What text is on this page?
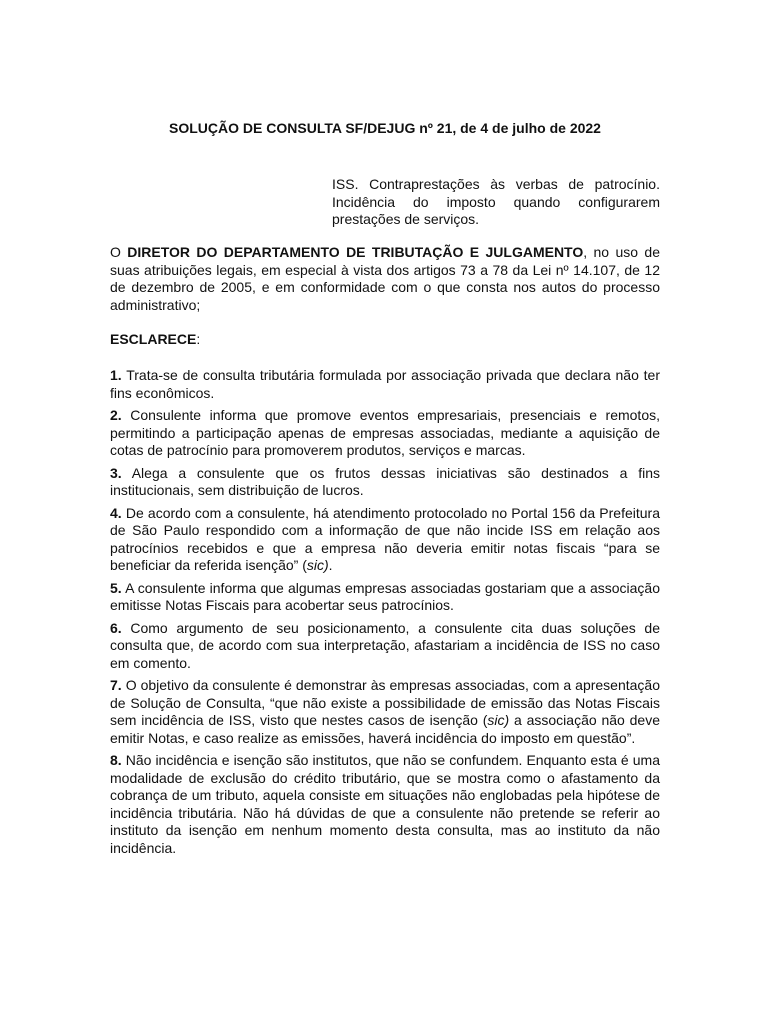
SOLUÇÃO DE CONSULTA SF/DEJUG nº 21, de 4 de julho de 2022
ISS. Contraprestações às verbas de patrocínio. Incidência do imposto quando configurarem prestações de serviços.
O DIRETOR DO DEPARTAMENTO DE TRIBUTAÇÃO E JULGAMENTO, no uso de suas atribuições legais, em especial à vista dos artigos 73 a 78 da Lei nº 14.107, de 12 de dezembro de 2005, e em conformidade com o que consta nos autos do processo administrativo;
ESCLARECE:
1. Trata-se de consulta tributária formulada por associação privada que declara não ter fins econômicos.
2. Consulente informa que promove eventos empresariais, presenciais e remotos, permitindo a participação apenas de empresas associadas, mediante a aquisição de cotas de patrocínio para promoverem produtos, serviços e marcas.
3. Alega a consulente que os frutos dessas iniciativas são destinados a fins institucionais, sem distribuição de lucros.
4. De acordo com a consulente, há atendimento protocolado no Portal 156 da Prefeitura de São Paulo respondido com a informação de que não incide ISS em relação aos patrocínios recebidos e que a empresa não deveria emitir notas fiscais “para se beneficiar da referida isenção” (sic).
5. A consulente informa que algumas empresas associadas gostariam que a associação emitisse Notas Fiscais para acobertar seus patrocínios.
6. Como argumento de seu posicionamento, a consulente cita duas soluções de consulta que, de acordo com sua interpretação, afastariam a incidência de ISS no caso em comento.
7. O objetivo da consulente é demonstrar às empresas associadas, com a apresentação de Solução de Consulta, “que não existe a possibilidade de emissão das Notas Fiscais sem incidência de ISS, visto que nestes casos de isenção (sic) a associação não deve emitir Notas, e caso realize as emissões, haverá incidência do imposto em questão”.
8. Não incidência e isenção são institutos, que não se confundem. Enquanto esta é uma modalidade de exclusão do crédito tributário, que se mostra como o afastamento da cobrança de um tributo, aquela consiste em situações não englobadas pela hipótese de incidência tributária. Não há dúvidas de que a consulente não pretende se referir ao instituto da isenção em nenhum momento desta consulta, mas ao instituto da não incidência.
